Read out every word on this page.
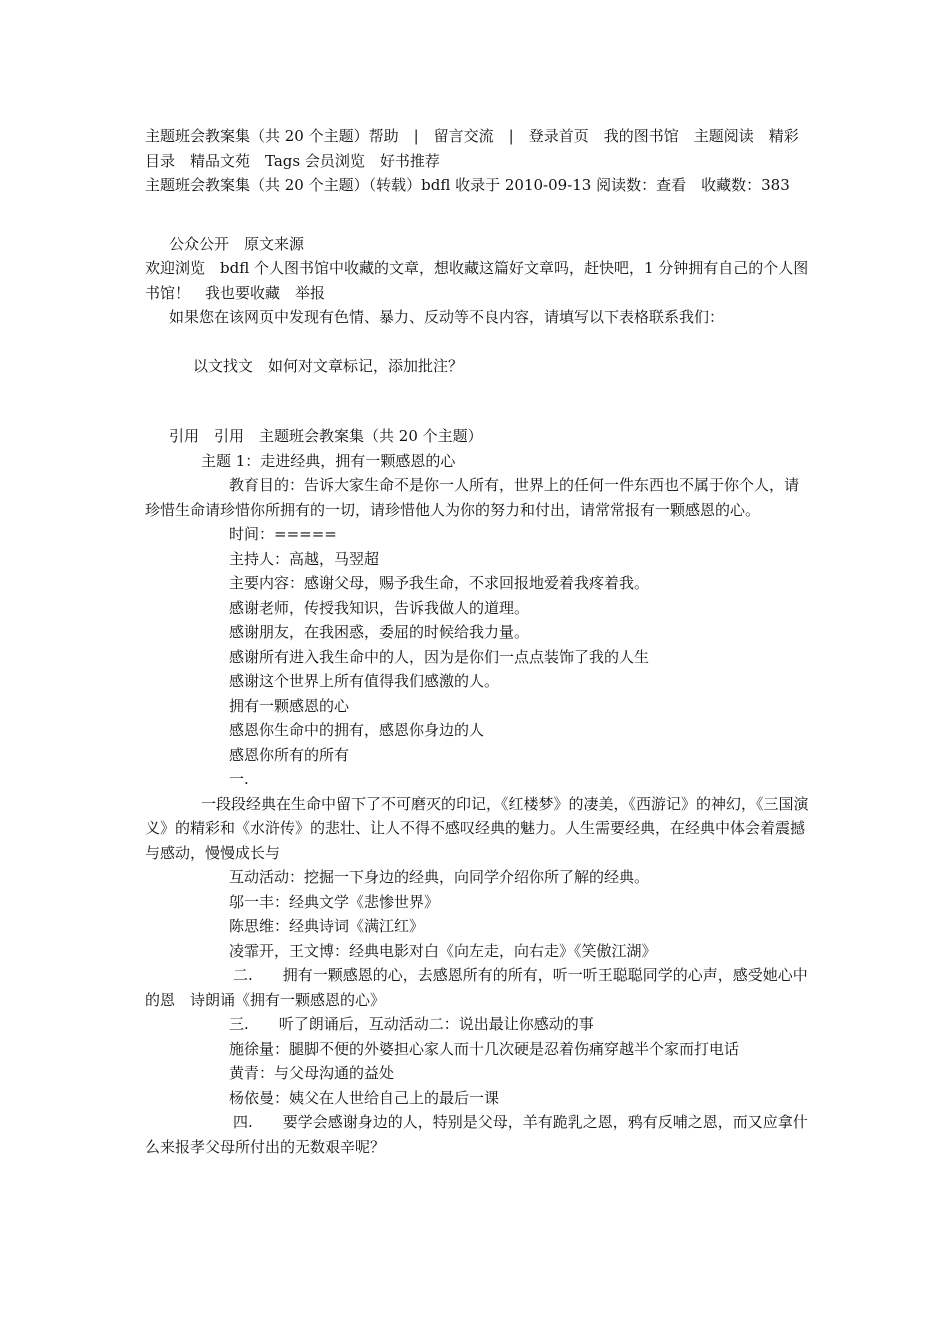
主题班会教案集（共 20 个主题）帮助　|　留言交流　|　登录首页　我的图书馆　主题阅读　精彩目录　精品文苑　Tags 会员浏览　好书推荐

主题班会教案集（共 20 个主题）（转载）bdfl 收录于 2010-09-13 阅读数：查看　收藏数：383

公众公开　原文来源

欢迎浏览　bdfl 个人图书馆中收藏的文章，想收藏这篇好文章吗，赶快吧，1 分钟拥有自己的个人图书馆！　我也要收藏　举报

如果您在该网页中发现有色情、暴力、反动等不良内容，请填写以下表格联系我们：

以文找文　如何对文章标记，添加批注？

引用　引用　主题班会教案集（共 20 个主题）

主题 1：走进经典，拥有一颗感恩的心

教育目的：告诉大家生命不是你一人所有，世界上的任何一件东西也不属于你个人，请珍惜生命请珍惜你所拥有的一切，请珍惜他人为你的努力和付出，请常常报有一颗感恩的心。

时间：=====

主持人：高越，马翌超

主要内容：感谢父母，赐予我生命，不求回报地爱着我疼着我。

感谢老师，传授我知识，告诉我做人的道理。

感谢朋友，在我困惑，委屈的时候给我力量。

感谢所有进入我生命中的人，因为是你们一点点装饰了我的人生

感谢这个世界上所有值得我们感激的人。

拥有一颗感恩的心

感恩你生命中的拥有，感恩你身边的人

感恩你所有的所有

一.

一段段经典在生命中留下了不可磨灭的印记，《红楼梦》的凄美，《西游记》的神幻，《三国演义》的精彩和《水浒传》的悲壮、让人不得不感叹经典的魅力。人生需要经典，在经典中体会着震撼与感动，慢慢成长与

互动活动：挖掘一下身边的经典，向同学介绍你所了解的经典。

邬一丰：经典文学《悲惨世界》

陈思维：经典诗词《满江红》

凌霏开，王文博：经典电影对白《向左走，向右走》《笑傲江湖》

二.　　拥有一颗感恩的心，去感恩所有的所有，听一听王聪聪同学的心声，感受她心中的恩　诗朗诵《拥有一颗感恩的心》

三.　　听了朗诵后，互动活动二：说出最让你感动的事

施徐量：腿脚不便的外婆担心家人而十几次硬是忍着伤痛穿越半个家而打电话

黄青：与父母沟通的益处

杨依曼：姨父在人世给自己上的最后一课

四.　　要学会感谢身边的人，特别是父母，羊有跪乳之恩，鸦有反哺之恩，而又应拿什么来报孝父母所付出的无数艰辛呢？
